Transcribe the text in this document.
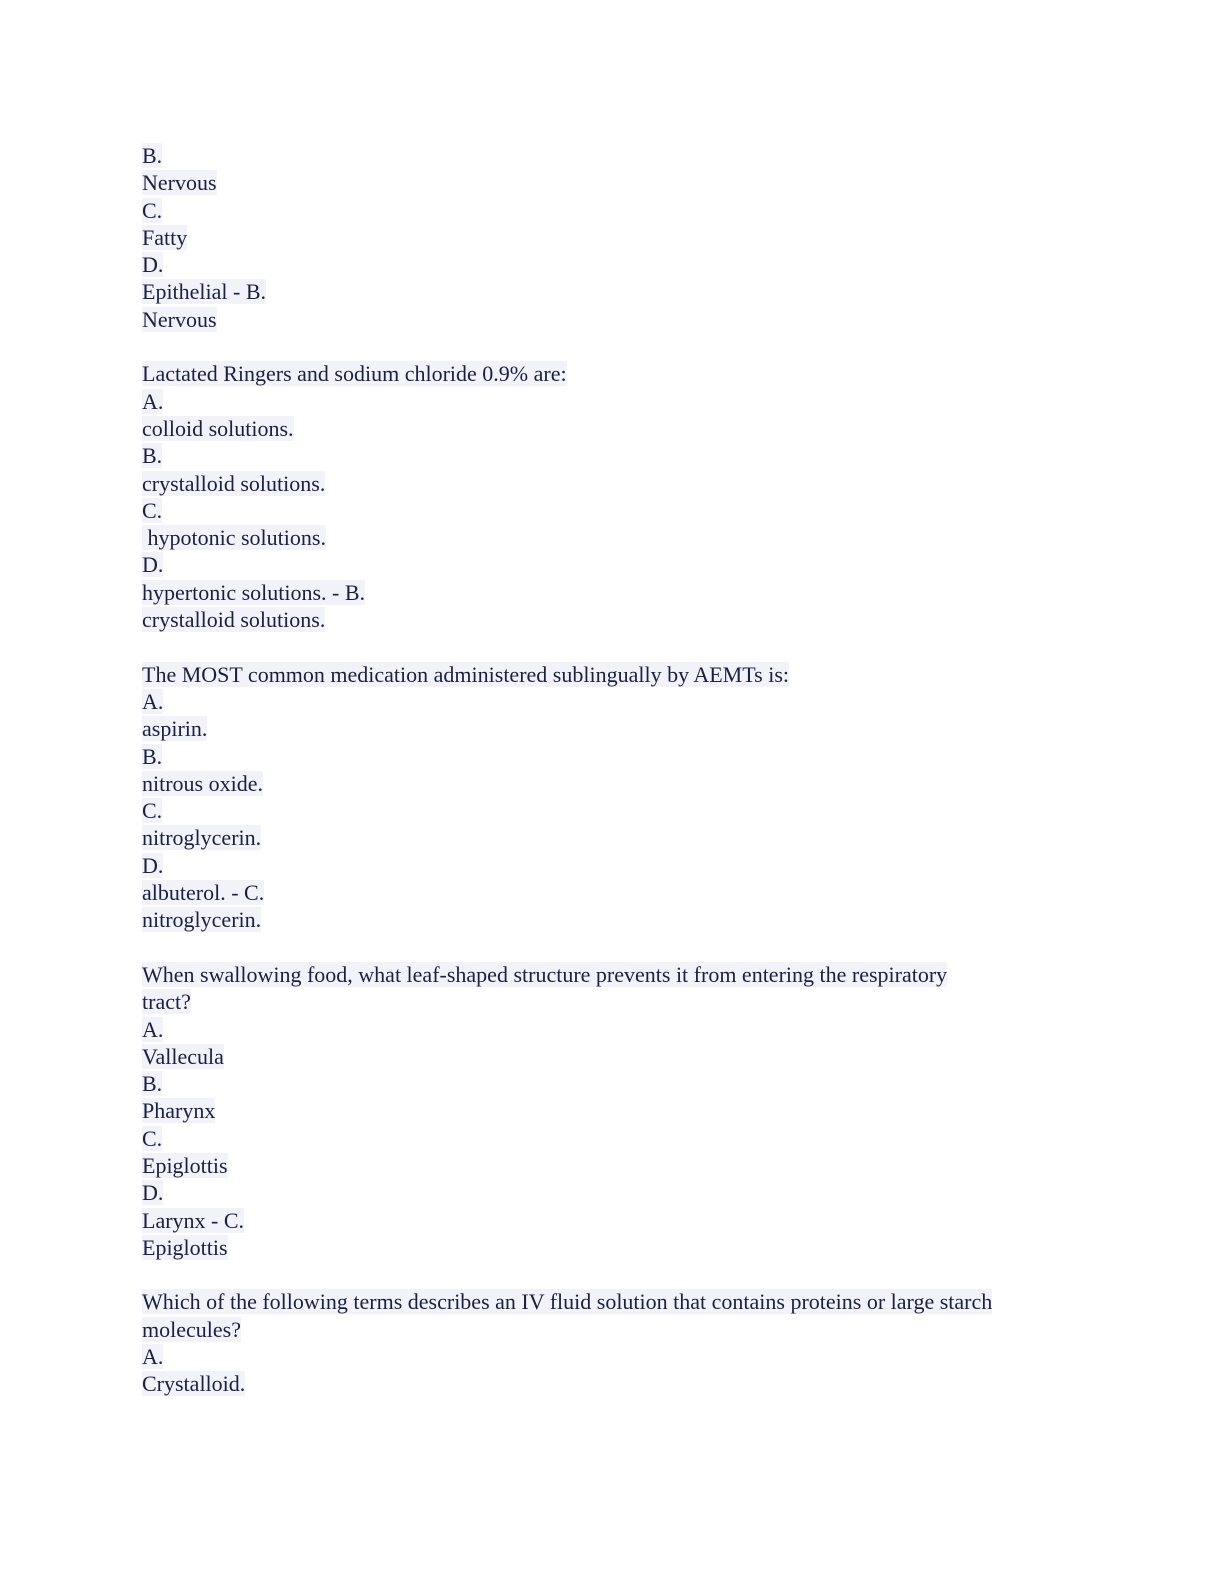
B.
Nervous
C.
Fatty
D.
Epithelial - B.
Nervous
Lactated Ringers and sodium chloride 0.9% are:
A.
colloid solutions.
B.
crystalloid solutions.
C.
hypotonic solutions.
D.
hypertonic solutions. - B.
crystalloid solutions.
The MOST common medication administered sublingually by AEMTs is:
A.
aspirin.
B.
nitrous oxide.
C.
nitroglycerin.
D.
albuterol. - C.
nitroglycerin.
When swallowing food, what leaf-shaped structure prevents it from entering the respiratory
tract?
A.
Vallecula
B.
Pharynx
C.
Epiglottis
D.
Larynx - C.
Epiglottis
Which of the following terms describes an IV fluid solution that contains proteins or large starch
molecules?
A.
Crystalloid.
